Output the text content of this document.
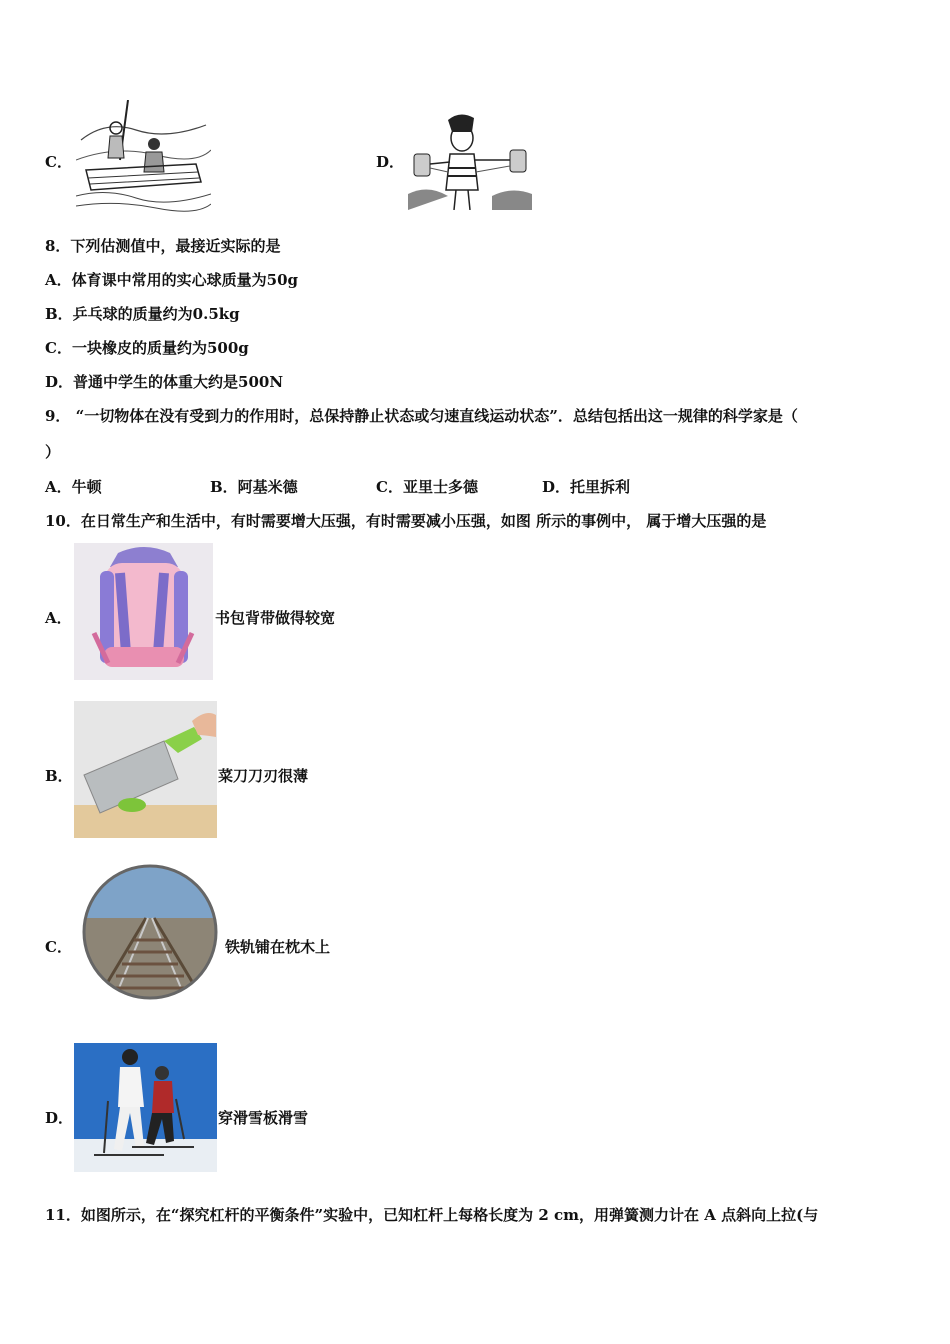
C．	D．
8．下列估测值中，最接近实际的是
A．体育课中常用的实心球质量为50g
B．乒乓球的质量约为0.5kg
C．一块橡皮的质量约为500g
D．普通中学生的体重大约是500N
9． “一切物体在没有受到力的作用时，总保持静止状态或匀速直线运动状态”．总结包括出这一规律的科学家是（
）
A．牛顿	B．阿基米德	C．亚里士多德	D．托里拆利
10．在日常生产和生活中，有时需要增大压强，有时需要减小压强，如图 所示的事例中， 属于增大压强的是
A．	书包背带做得较宽
B．	菜刀刀刃很薄
C．	铁轨铺在枕木上
D．	穿滑雪板滑雪
11．如图所示，在“探究杠杆的平衡条件”实验中，已知杠杆上每格长度为 2 cm，用弹簧测力计在 A 点斜向上拉(与
